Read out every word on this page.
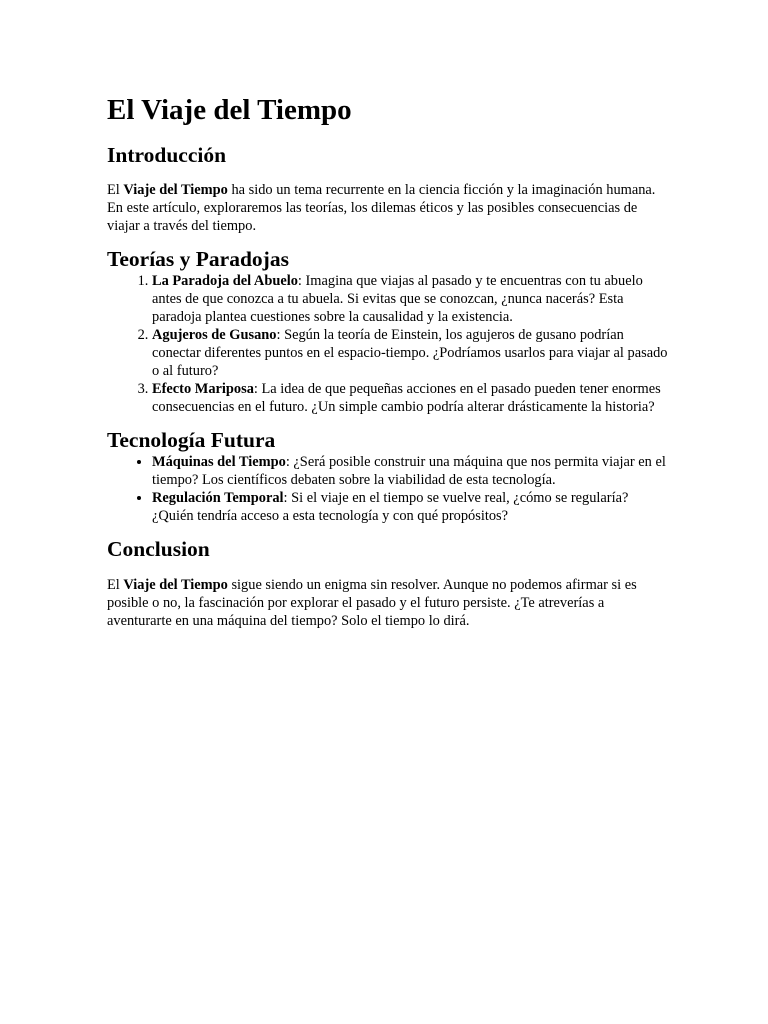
El Viaje del Tiempo
Introducción

El Viaje del Tiempo ha sido un tema recurrente en la ciencia ficción y la imaginación humana. En este artículo, exploraremos las teorías, los dilemas éticos y las posibles consecuencias de viajar a través del tiempo.

Teorías y Paradojas
1. La Paradoja del Abuelo: Imagina que viajas al pasado y te encuentras con tu abuelo antes de que conozca a tu abuela. Si evitas que se conozcan, ¿nunca nacerás? Esta paradoja plantea cuestiones sobre la causalidad y la existencia.
2. Agujeros de Gusano: Según la teoría de Einstein, los agujeros de gusano podrían conectar diferentes puntos en el espacio-tiempo. ¿Podríamos usarlos para viajar al pasado o al futuro?
3. Efecto Mariposa: La idea de que pequeñas acciones en el pasado pueden tener enormes consecuencias en el futuro. ¿Un simple cambio podría alterar drásticamente la historia?
Tecnología Futura
• Máquinas del Tiempo: ¿Será posible construir una máquina que nos permita viajar en el tiempo? Los científicos debaten sobre la viabilidad de esta tecnología.
• Regulación Temporal: Si el viaje en el tiempo se vuelve real, ¿cómo se regularía? ¿Quién tendría acceso a esta tecnología y con qué propósitos?
Conclusion

El Viaje del Tiempo sigue siendo un enigma sin resolver. Aunque no podemos afirmar si es posible o no, la fascinación por explorar el pasado y el futuro persiste. ¿Te atreverías a aventurarte en una máquina del tiempo? Solo el tiempo lo dirá.
